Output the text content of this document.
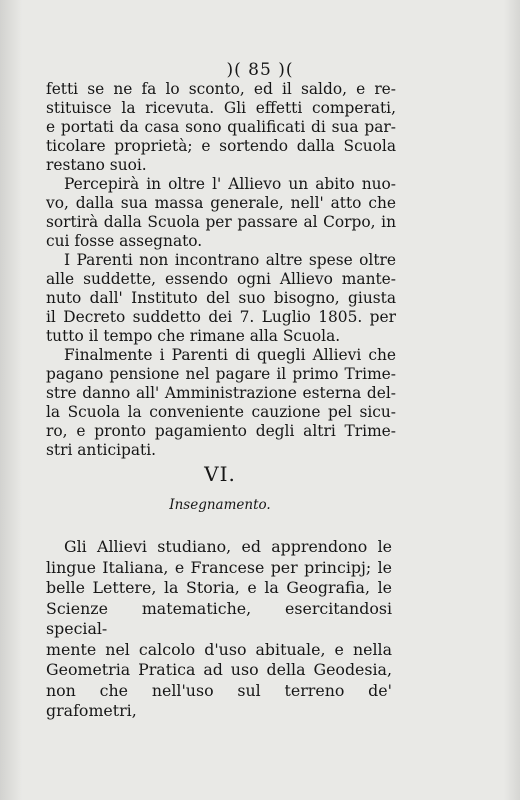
)( 85 )(
fetti se ne fa lo sconto, ed il saldo, e re-
stituisce la ricevuta. Gli effetti comperati,
e portati da casa sono qualificati di sua par-
ticolare proprietà; e sortendo dalla Scuola
restano suoi.
Percepirà in oltre l' Allievo un abito nuo-
vo, dalla sua massa generale, nell' atto che
sortirà dalla Scuola per passare al Corpo, in
cui fosse assegnato.
I Parenti non incontrano altre spese oltre
alle suddette, essendo ogni Allievo mante-
nuto dall' Instituto del suo bisogno, giusta
il Decreto suddetto dei 7. Luglio 1805. per
tutto il tempo che rimane alla Scuola.
Finalmente i Parenti di quegli Allievi che
pagano pensione nel pagare il primo Trime-
stre danno all' Amministrazione esterna del-
la Scuola la conveniente cauzione pel sicu-
ro, e pronto pagamiento degli altri Trime-
stri anticipati.
VI.
Insegnamento.
Gli Allievi studiano, ed apprendono le
lingue Italiana, e Francese per principj; le
belle Lettere, la Storia, e la Geografia, le
Scienze matematiche, esercitandosi special-
mente nel calcolo d'uso abituale, e nella
Geometria Pratica ad uso della Geodesia,
non che nell'uso sul terreno de' grafometri,
